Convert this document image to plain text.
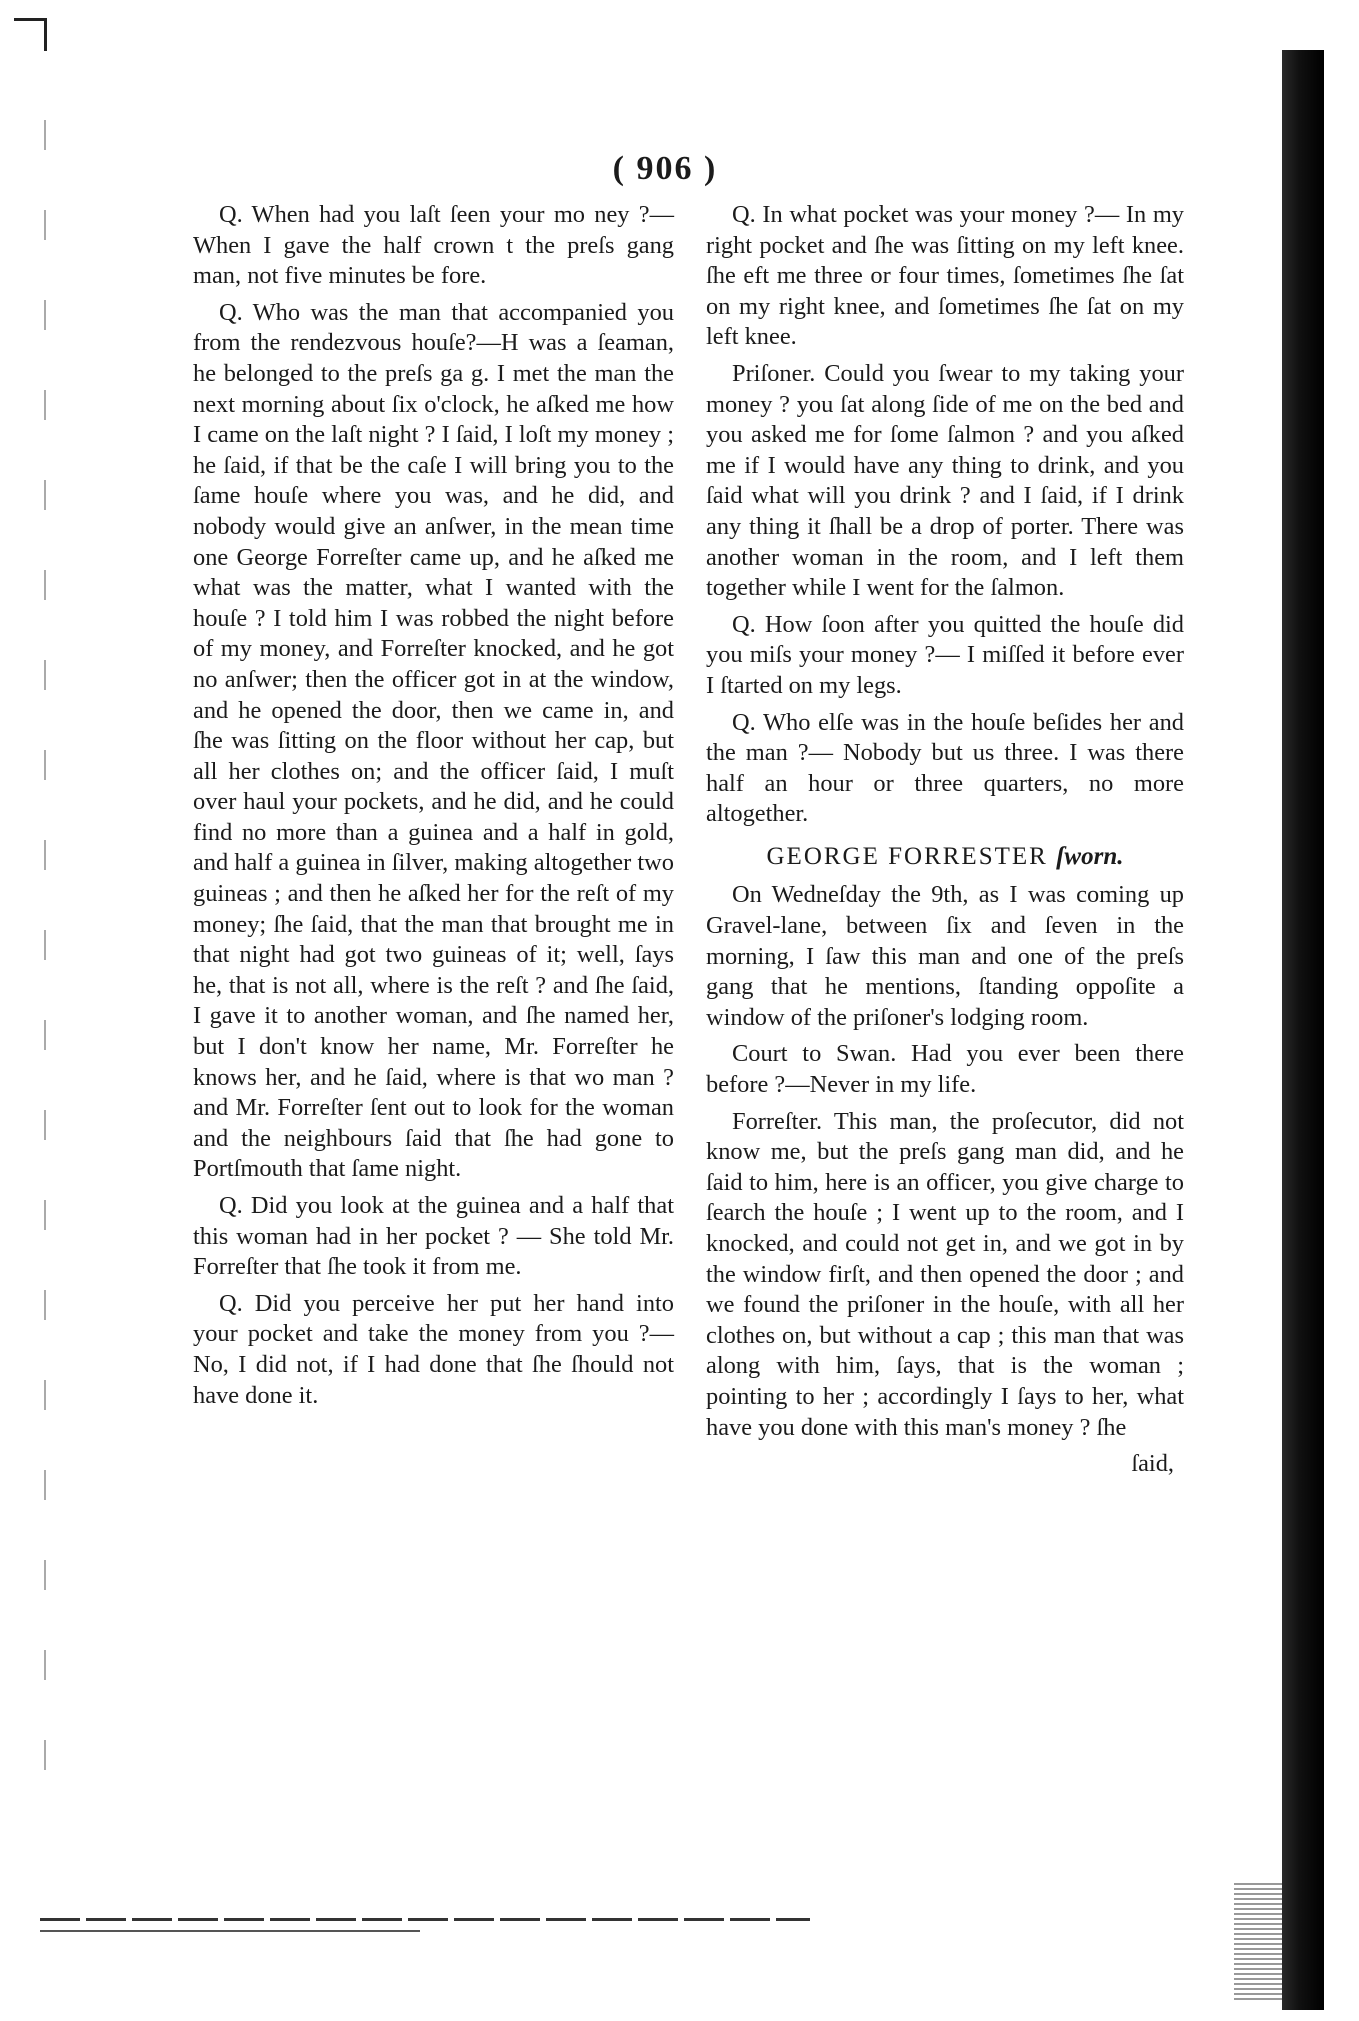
( 906 )

Q. When had you laſt ſeen your mo ney ?— When I gave the half crown t the preſs gang man, not five minutes be fore.

Q. Who was the man that accompanied you from the rendezvous houſe?—H was a ſeaman, he belonged to the preſs ga g. I met the man the next morning about ſix o'clock, he aſked me how I came on the laſt night ? I ſaid, I loſt my money ; he ſaid, if that be the caſe I will bring you to the ſame houſe where you was, and he did, and nobody would give an anſwer, in the mean time one George Forreſter came up, and he aſked me what was the matter, what I wanted with the houſe ? I told him I was robbed the night before of my money, and Forreſter knocked, and he got no anſwer; then the officer got in at the window, and he opened the door, then we came in, and ſhe was ſitting on the floor without her cap, but all her clothes on; and the officer ſaid, I muſt over haul your pockets, and he did, and he could find no more than a guinea and a half in gold, and half a guinea in ſilver, making altogether two guineas ; and then he aſked her for the reſt of my money; ſhe ſaid, that the man that brought me in that night had got two guineas of it; well, ſays he, that is not all, where is the reſt ? and ſhe ſaid, I gave it to another woman, and ſhe named her, but I don't know her name, Mr. Forreſter he knows her, and he ſaid, where is that wo man ? and Mr. Forreſter ſent out to look for the woman and the neighbours ſaid that ſhe had gone to Portſmouth that ſame night.

Q. Did you look at the guinea and a half that this woman had in her pocket ? — She told Mr. Forreſter that ſhe took it from me.

Q. Did you perceive her put her hand into your pocket and take the money from you ?— No, I did not, if I had done that ſhe ſhould not have done it.

Q. In what pocket was your money ?— In my right pocket and ſhe was ſitting on my left knee. ſhe eft me three or four times, ſometimes ſhe ſat on my right knee, and ſometimes ſhe ſat on my left knee.

Priſoner. Could you ſwear to my taking your money ? you ſat along ſide of me on the bed and you asked me for ſome ſalmon ? and you aſked me if I would have any thing to drink, and you ſaid what will you drink ? and I ſaid, if I drink any thing it ſhall be a drop of porter. There was another woman in the room, and I left them together while I went for the ſalmon.

Q. How ſoon after you quitted the houſe did you miſs your money ?— I miſſed it before ever I ſtarted on my legs.

Q. Who elſe was in the houſe beſides her and the man ?— Nobody but us three. I was there half an hour or three quarters, no more altogether.

GEORGE FORRESTER ſworn.

On Wedneſday the 9th, as I was coming up Gravel-lane, between ſix and ſeven in the morning, I ſaw this man and one of the preſs gang that he mentions, ſtanding oppoſite a window of the priſoner's lodging room.

Court to Swan. Had you ever been there before ?—Never in my life.

Forreſter. This man, the proſecutor, did not know me, but the preſs gang man did, and he ſaid to him, here is an officer, you give charge to ſearch the houſe ; I went up to the room, and I knocked, and could not get in, and we got in by the window firſt, and then opened the door ; and we found the priſoner in the houſe, with all her clothes on, but without a cap ; this man that was along with him, ſays, that is the woman ; pointing to her ; accordingly I ſays to her, what have you done with this man's money ? ſhe

ſaid,
